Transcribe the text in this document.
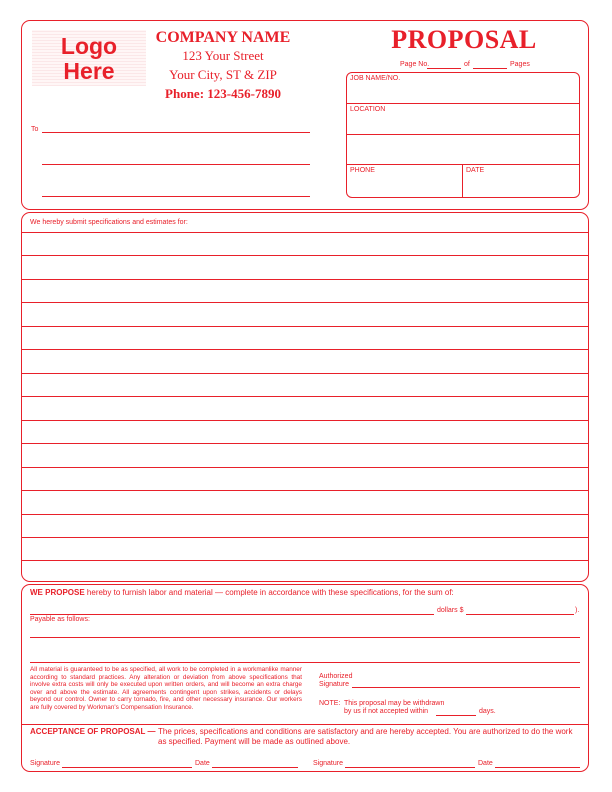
Logo
Here
COMPANY NAME
123 Your Street
Your City, ST & ZIP
Phone: 123-456-7890
PROPOSAL
Page No.	of	Pages
To
JOB NAME/NO.
LOCATION
PHONE	DATE
We hereby submit specifications and estimates for:
WE PROPOSE hereby to furnish labor and material — complete in accordance with these specifications, for the sum of:
dollars $	).
Payable as follows:
All material is guaranteed to be as specified, all work to be completed in a workmanlike manner according to standard practices. Any alteration or deviation from above specifications that involve extra costs will only be executed upon written orders, and will become an extra charge over and above the estimate. All agreements contingent upon strikes, accidents or delays beyond our control. Owner to carry tornado, fire, and other necessary insurance. Our workers are fully covered by Workman's Compensation Insurance.
Authorized
Signature
NOTE: This proposal may be withdrawn
by us if not accepted within	days.
ACCEPTANCE OF PROPOSAL — The prices, specifications and conditions are satisfactory and are hereby accepted. You are authorized to do the work
as specified. Payment will be made as outlined above.
Signature	Date	Signature	Date
